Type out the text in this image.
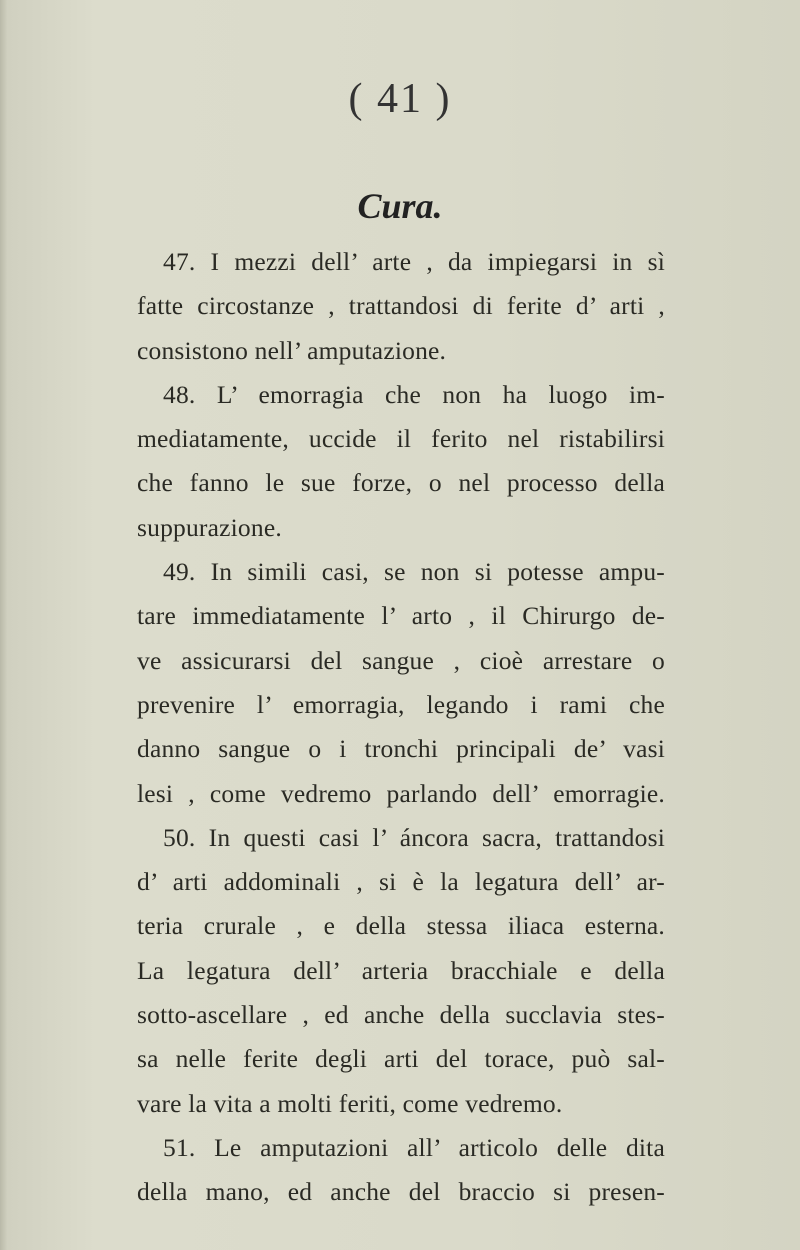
( 41 )
Cura.
47. I mezzi dell’ arte , da impiegarsi in sì
fatte circostanze , trattandosi di ferite d’ arti ,
consistono nell’ amputazione.
48. L’ emorragia che non ha luogo im-
mediatamente, uccide il ferito nel ristabilirsi
che fanno le sue forze, o nel processo della
suppurazione.
49. In simili casi, se non si potesse ampu-
tare immediatamente l’ arto , il Chirurgo de-
ve assicurarsi del sangue , cioè arrestare o
prevenire l’ emorragia, legando i rami che
danno sangue o i tronchi principali de’ vasi
lesi , come vedremo parlando dell’ emorragie.
50. In questi casi l’ áncora sacra, trattandosi
d’ arti addominali , si è la legatura dell’ ar-
teria crurale , e della stessa iliaca esterna.
La legatura dell’ arteria bracchiale e della
sotto-ascellare , ed anche della succlavia stes-
sa nelle ferite degli arti del torace, può sal-
vare la vita a molti feriti, come vedremo.
51. Le amputazioni all’ articolo delle dita
della mano, ed anche del braccio si presen-
